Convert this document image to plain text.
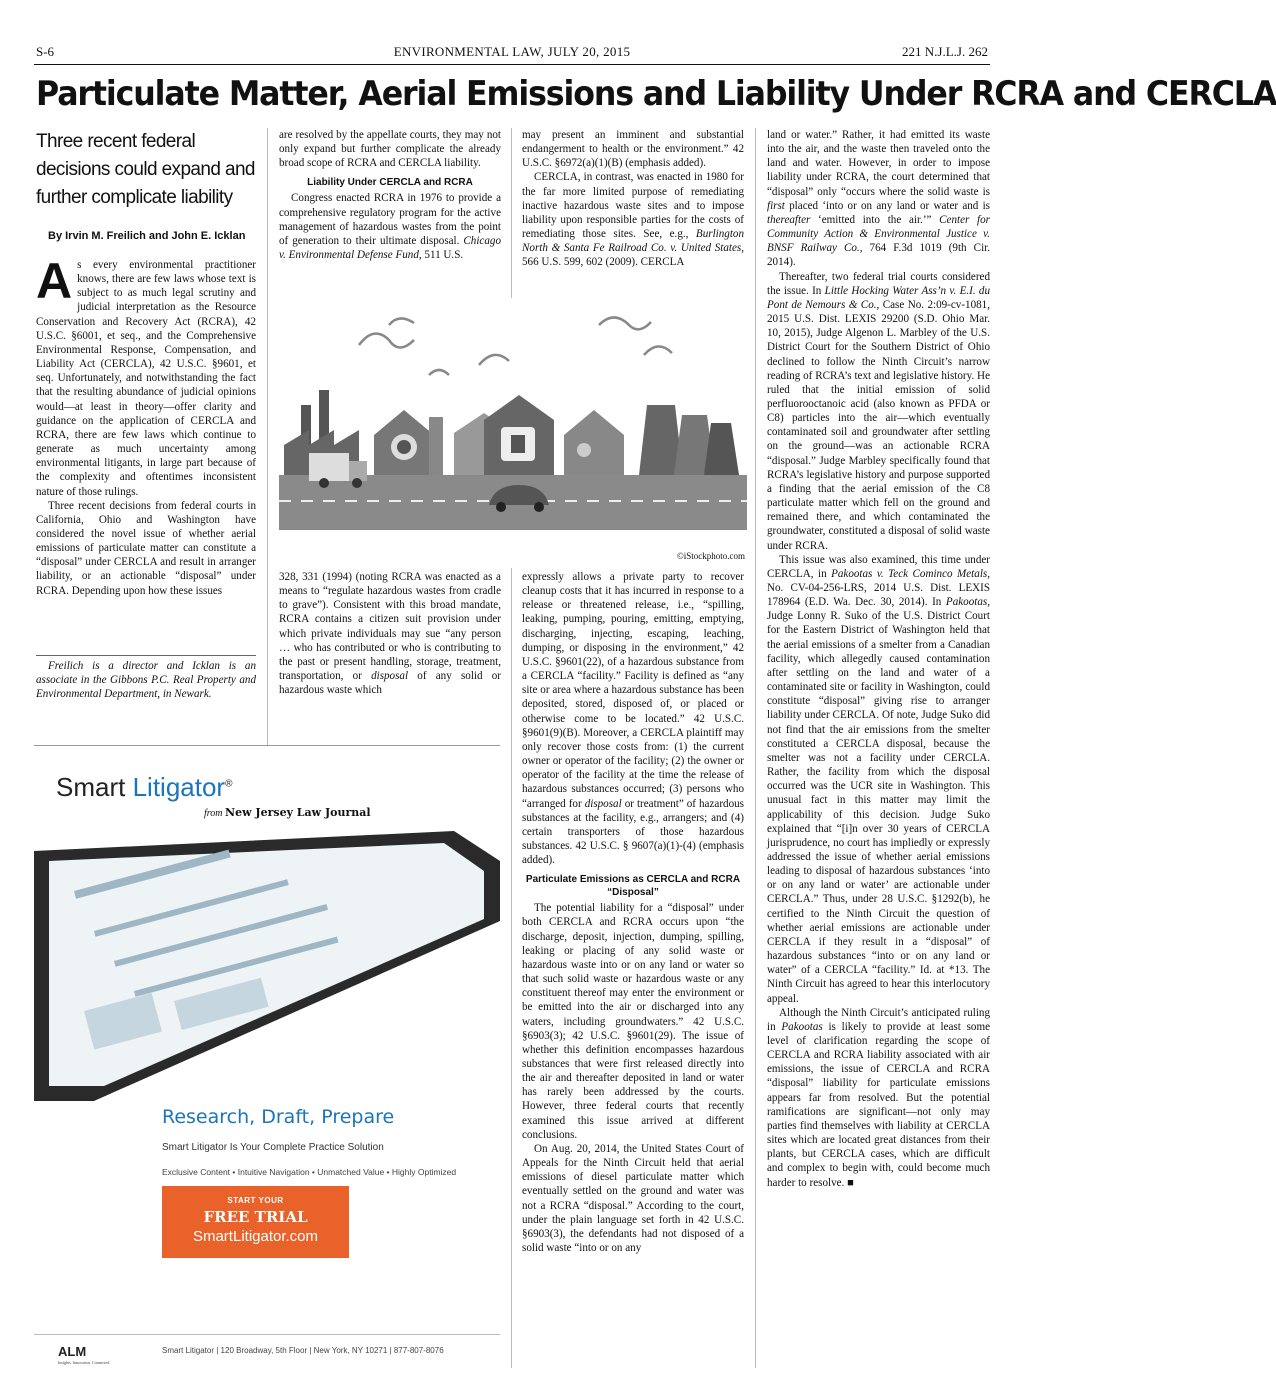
S-6	ENVIRONMENTAL LAW, JULY 20, 2015	221 N.J.L.J. 262
Particulate Matter, Aerial Emissions and Liability Under RCRA and CERCLA
Three recent federal decisions could expand and further complicate liability
By Irvin M. Freilich and John E. Icklan

As every environmental practitioner knows, there are few laws whose text is subject to as much legal scrutiny and judicial interpretation as the Resource Conservation and Recovery Act (RCRA), 42 U.S.C. §6001, et seq., and the Comprehensive Environmental Response, Compensation, and Liability Act (CERCLA), 42 U.S.C. §9601, et seq. Unfortunately, and notwithstanding the fact that the resulting abundance of judicial opinions would—at least in theory—offer clarity and guidance on the application of CERCLA and RCRA, there are few laws which continue to generate as much uncertainty among environmental litigants, in large part because of the complexity and oftentimes inconsistent nature of those rulings.

Three recent decisions from federal courts in California, Ohio and Washington have considered the novel issue of whether aerial emissions of particulate matter can constitute a “disposal” under CERCLA and result in arranger liability, or an actionable “disposal” under RCRA. Depending upon how these issues

Freilich is a director and Icklan is an associate in the Gibbons P.C. Real Property and Environmental Department, in Newark.

are resolved by the appellate courts, they may not only expand but further complicate the already broad scope of RCRA and CERCLA liability.

Liability Under CERCLA and RCRA

Congress enacted RCRA in 1976 to provide a comprehensive regulatory program for the active management of hazardous wastes from the point of generation to their ultimate disposal. Chicago v. Environmental Defense Fund, 511 U.S.

may present an imminent and substantial endangerment to health or the environment.” 42 U.S.C. §6972(a)(1)(B) (emphasis added).

CERCLA, in contrast, was enacted in 1980 for the far more limited purpose of remediating inactive hazardous waste sites and to impose liability upon responsible parties for the costs of remediating those sites. See, e.g., Burlington North & Santa Fe Railroad Co. v. United States, 566 U.S. 599, 602 (2009). CERCLA

©iStockphoto.com

328, 331 (1994) (noting RCRA was enacted as a means to “regulate hazardous wastes from cradle to grave”). Consistent with this broad mandate, RCRA contains a citizen suit provision under which private individuals may sue “any person … who has contributed or who is contributing to the past or present handling, storage, treatment, transportation, or disposal of any solid or hazardous waste which

expressly allows a private party to recover cleanup costs that it has incurred in response to a release or threatened release, i.e., “spilling, leaking, pumping, pouring, emitting, emptying, discharging, injecting, escaping, leaching, dumping, or disposing in the environment,” 42 U.S.C. §9601(22), of a hazardous substance from a CERCLA “facility.” Facility is defined as “any site or area where a hazardous substance has been deposited, stored, disposed of, or placed or otherwise come to be located.” 42 U.S.C. §9601(9)(B). Moreover, a CERCLA plaintiff may only recover those costs from: (1) the current owner or operator of the facility; (2) the owner or operator of the facility at the time the release of hazardous substances occurred; (3) persons who “arranged for disposal or treatment” of hazardous substances at the facility, e.g., arrangers; and (4) certain transporters of those hazardous substances. 42 U.S.C. § 9607(a)(1)-(4) (emphasis added).

Particulate Emissions as CERCLA and RCRA “Disposal”

The potential liability for a “disposal” under both CERCLA and RCRA occurs upon “the discharge, deposit, injection, dumping, spilling, leaking or placing of any solid waste or hazardous waste into or on any land or water so that such solid waste or hazardous waste or any constituent thereof may enter the environment or be emitted into the air or discharged into any waters, including groundwaters.” 42 U.S.C. §6903(3); 42 U.S.C. §9601(29). The issue of whether this definition encompasses hazardous substances that were first released directly into the air and thereafter deposited in land or water has rarely been addressed by the courts. However, three federal courts that recently examined this issue arrived at different conclusions.

On Aug. 20, 2014, the United States Court of Appeals for the Ninth Circuit held that aerial emissions of diesel particulate matter which eventually settled on the ground and water was not a RCRA “disposal.” According to the court, under the plain language set forth in 42 U.S.C. §6903(3), the defendants had not disposed of a solid waste “into or on any

land or water.” Rather, it had emitted its waste into the air, and the waste then traveled onto the land and water. However, in order to impose liability under RCRA, the court determined that “disposal” only “occurs where the solid waste is first placed ‘into or on any land or water and is thereafter ‘emitted into the air.’” Center for Community Action & Environmental Justice v. BNSF Railway Co., 764 F.3d 1019 (9th Cir. 2014).

Thereafter, two federal trial courts considered the issue. In Little Hocking Water Ass’n v. E.I. du Pont de Nemours & Co., Case No. 2:09-cv-1081, 2015 U.S. Dist. LEXIS 29200 (S.D. Ohio Mar. 10, 2015), Judge Algenon L. Marbley of the U.S. District Court for the Southern District of Ohio declined to follow the Ninth Circuit’s narrow reading of RCRA’s text and legislative history. He ruled that the initial emission of solid perfluorooctanoic acid (also known as PFDA or C8) particles into the air—which eventually contaminated soil and groundwater after settling on the ground—was an actionable RCRA “disposal.” Judge Marbley specifically found that RCRA’s legislative history and purpose supported a finding that the aerial emission of the C8 particulate matter which fell on the ground and remained there, and which contaminated the groundwater, constituted a disposal of solid waste under RCRA.

This issue was also examined, this time under CERCLA, in Pakootas v. Teck Cominco Metals, No. CV-04-256-LRS, 2014 U.S. Dist. LEXIS 178964 (E.D. Wa. Dec. 30, 2014). In Pakootas, Judge Lonny R. Suko of the U.S. District Court for the Eastern District of Washington held that the aerial emissions of a smelter from a Canadian facility, which allegedly caused contamination after settling on the land and water of a contaminated site or facility in Washington, could constitute “disposal” giving rise to arranger liability under CERCLA. Of note, Judge Suko did not find that the air emissions from the smelter constituted a CERCLA disposal, because the smelter was not a facility under CERCLA. Rather, the facility from which the disposal occurred was the UCR site in Washington. This unusual fact in this matter may limit the applicability of this decision. Judge Suko explained that “[i]n over 30 years of CERCLA jurisprudence, no court has impliedly or expressly addressed the issue of whether aerial emissions leading to disposal of hazardous substances ‘into or on any land or water’ are actionable under CERCLA.” Thus, under 28 U.S.C. §1292(b), he certified to the Ninth Circuit the question of whether aerial emissions are actionable under CERCLA if they result in a “disposal” of hazardous substances “into or on any land or water” of a CERCLA “facility.” Id. at *13. The Ninth Circuit has agreed to hear this interlocutory appeal.

Although the Ninth Circuit’s anticipated ruling in Pakootas is likely to provide at least some level of clarification regarding the scope of CERCLA and RCRA liability associated with air emissions, the issue of CERCLA and RCRA “disposal” liability for particulate emissions appears far from resolved. But the potential ramifications are significant—not only may parties find themselves with liability at CERCLA sites which are located great distances from their plants, but CERCLA cases, which are difficult and complex to begin with, could become much harder to resolve. ■

Smart Litigator®
from New Jersey Law Journal
Research, Draft, Prepare
Smart Litigator Is Your Complete Practice Solution
Exclusive Content • Intuitive Navigation • Unmatched Value • Highly Optimized
START YOUR
FREE TRIAL
SmartLitigator.com
ALM
Insights. Innovation. Connected.
Smart Litigator | 120 Broadway, 5th Floor | New York, NY 10271 | 877-807-8076
